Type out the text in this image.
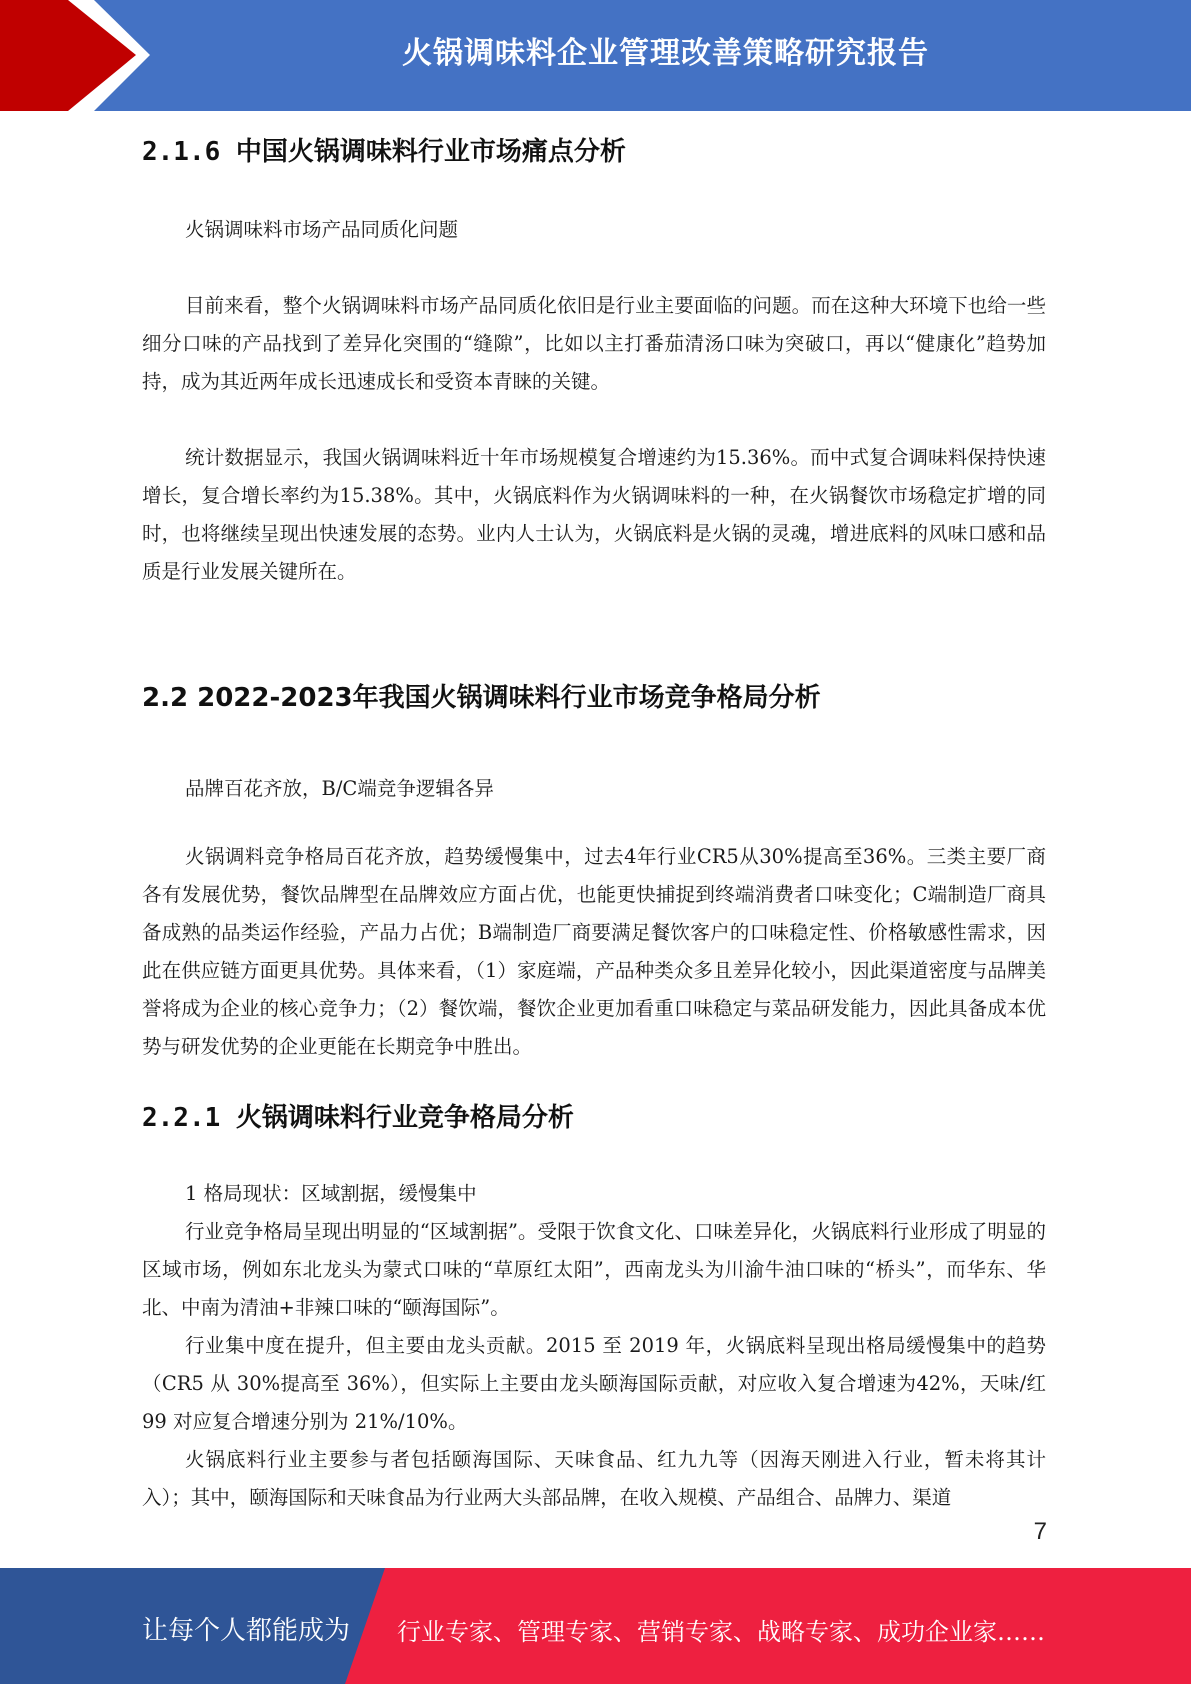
火锅调味料企业管理改善策略研究报告
2.1.6 中国火锅调味料行业市场痛点分析

火锅调味料市场产品同质化问题

目前来看，整个火锅调味料市场产品同质化依旧是行业主要面临的问题。而在这种大环境下也给一些细分口味的产品找到了差异化突围的“缝隙”，比如以主打番茄清汤口味为突破口，再以“健康化”趋势加持，成为其近两年成长迅速成长和受资本青睐的关键。

统计数据显示，我国火锅调味料近十年市场规模复合增速约为15.36%。而中式复合调味料保持快速增长，复合增长率约为15.38%。其中，火锅底料作为火锅调味料的一种，在火锅餐饮市场稳定扩增的同时，也将继续呈现出快速发展的态势。业内人士认为，火锅底料是火锅的灵魂，增进底料的风味口感和品质是行业发展关键所在。

2.2 2022-2023年我国火锅调味料行业市场竞争格局分析

品牌百花齐放，B/C端竞争逻辑各异

火锅调料竞争格局百花齐放，趋势缓慢集中，过去4年行业CR5从30%提高至36%。三类主要厂商各有发展优势，餐饮品牌型在品牌效应方面占优，也能更快捕捉到终端消费者口味变化；C端制造厂商具备成熟的品类运作经验，产品力占优；B端制造厂商要满足餐饮客户的口味稳定性、价格敏感性需求，因此在供应链方面更具优势。具体来看，（1）家庭端，产品种类众多且差异化较小，因此渠道密度与品牌美誉将成为企业的核心竞争力；（2）餐饮端，餐饮企业更加看重口味稳定与菜品研发能力，因此具备成本优势与研发优势的企业更能在长期竞争中胜出。

2.2.1 火锅调味料行业竞争格局分析

1 格局现状：区域割据，缓慢集中

行业竞争格局呈现出明显的“区域割据”。受限于饮食文化、口味差异化，火锅底料行业形成了明显的区域市场，例如东北龙头为蒙式口味的“草原红太阳”，西南龙头为川渝牛油口味的“桥头”，而华东、华北、中南为清油+非辣口味的“颐海国际”。

行业集中度在提升，但主要由龙头贡献。2015 至 2019 年，火锅底料呈现出格局缓慢集中的趋势（CR5 从 30%提高至 36%），但实际上主要由龙头颐海国际贡献，对应收入复合增速为42%，天味/红 99 对应复合增速分别为 21%/10%。

火锅底料行业主要参与者包括颐海国际、天味食品、红九九等（因海天刚进入行业，暂未将其计入）；其中，颐海国际和天味食品为行业两大头部品牌，在收入规模、产品组合、品牌力、渠道

7
让每个人都能成为 行业专家、管理专家、营销专家、战略专家、成功企业家……
